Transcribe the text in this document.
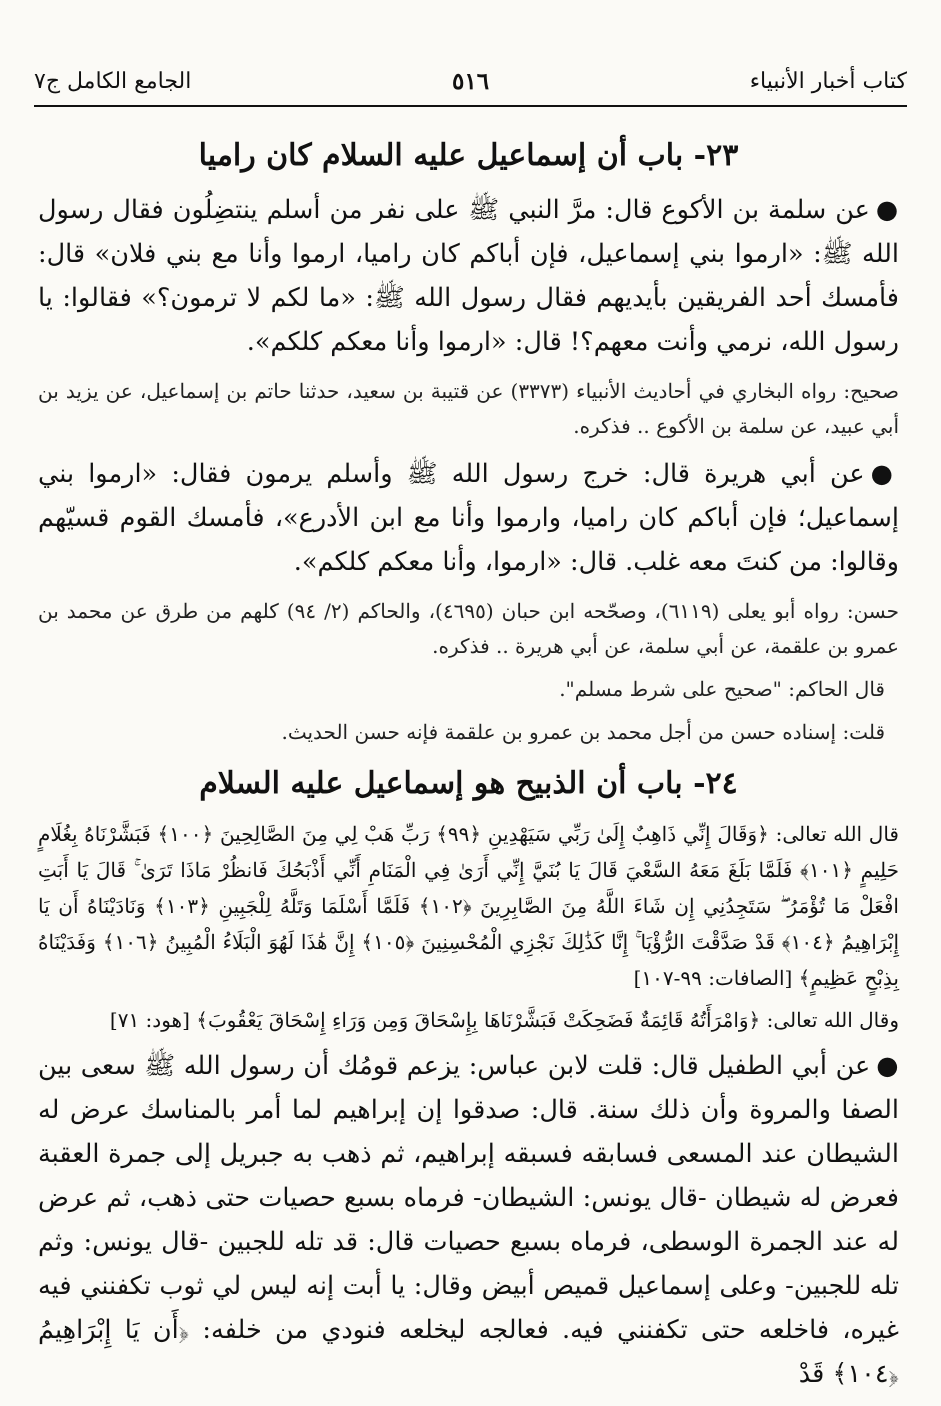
كتاب أخبار الأنبياء
٥١٦
الجامع الكامل ج٧
٢٣- باب أن إسماعيل عليه السلام كان راميا

●عن سلمة بن الأكوع قال: مرَّ النبي ﷺ على نفر من أسلم ينتضِلُون فقال رسول الله ﷺ: «ارموا بني إسماعيل، فإن أباكم كان راميا، ارموا وأنا مع بني فلان» قال: فأمسك أحد الفريقين بأيديهم فقال رسول الله ﷺ: «ما لكم لا ترمون؟» فقالوا: يا رسول الله، نرمي وأنت معهم؟! قال: «ارموا وأنا معكم كلكم».

صحيح: رواه البخاري في أحاديث الأنبياء (٣٣٧٣) عن قتيبة بن سعيد، حدثنا حاتم بن إسماعيل، عن يزيد بن أبي عبيد، عن سلمة بن الأكوع .. فذكره.

●عن أبي هريرة قال: خرج رسول الله ﷺ وأسلم يرمون فقال: «ارموا بني إسماعيل؛ فإن أباكم كان راميا، وارموا وأنا مع ابن الأدرع»، فأمسك القوم قسيّهم وقالوا: من كنتَ معه غلب. قال: «ارموا، وأنا معكم كلكم».

حسن: رواه أبو يعلى (٦١١٩)، وصحّحه ابن حبان (٤٦٩٥)، والحاكم (٢/ ٩٤) كلهم من طرق عن محمد بن عمرو بن علقمة، عن أبي سلمة، عن أبي هريرة .. فذكره.

قال الحاكم: "صحيح على شرط مسلم".

قلت: إسناده حسن من أجل محمد بن عمرو بن علقمة فإنه حسن الحديث.

٢٤- باب أن الذبيح هو إسماعيل عليه السلام

قال الله تعالى: ﴿وَقَالَ إِنِّي ذَاهِبٌ إِلَىٰ رَبِّي سَيَهْدِينِ ﴿٩٩﴾ رَبِّ هَبْ لِي مِنَ الصَّالِحِينَ ﴿١٠٠﴾ فَبَشَّرْنَاهُ بِغُلَامٍ حَلِيمٍ ﴿١٠١﴾ فَلَمَّا بَلَغَ مَعَهُ السَّعْيَ قَالَ يَا بُنَيَّ إِنِّي أَرَىٰ فِي الْمَنَامِ أَنِّي أَذْبَحُكَ فَانظُرْ مَاذَا تَرَىٰ ۚ قَالَ يَا أَبَتِ افْعَلْ مَا تُؤْمَرُ ۖ سَتَجِدُنِي إِن شَاءَ اللَّهُ مِنَ الصَّابِرِينَ ﴿١٠٢﴾ فَلَمَّا أَسْلَمَا وَتَلَّهُ لِلْجَبِينِ ﴿١٠٣﴾ وَنَادَيْنَاهُ أَن يَا إِبْرَاهِيمُ ﴿١٠٤﴾ قَدْ صَدَّقْتَ الرُّؤْيَا ۚ إِنَّا كَذَٰلِكَ نَجْزِي الْمُحْسِنِينَ ﴿١٠٥﴾ إِنَّ هَٰذَا لَهُوَ الْبَلَاءُ الْمُبِينُ ﴿١٠٦﴾ وَفَدَيْنَاهُ بِذِبْحٍ عَظِيمٍ﴾ [الصافات: ٩٩-١٠٧]

وقال الله تعالى: ﴿وَامْرَأَتُهُ قَائِمَةٌ فَضَحِكَتْ فَبَشَّرْنَاهَا بِإِسْحَاقَ وَمِن وَرَاءِ إِسْحَاقَ يَعْقُوبَ﴾ [هود: ٧١]

●عن أبي الطفيل قال: قلت لابن عباس: يزعم قومُك أن رسول الله ﷺ سعى بين الصفا والمروة وأن ذلك سنة. قال: صدقوا إن إبراهيم لما أمر بالمناسك عرض له الشيطان عند المسعى فسابقه فسبقه إبراهيم، ثم ذهب به جبريل إلى جمرة العقبة فعرض له شيطان -قال يونس: الشيطان- فرماه بسبع حصيات حتى ذهب، ثم عرض له عند الجمرة الوسطى، فرماه بسبع حصيات قال: قد تله للجبين -قال يونس: وثم تله للجبين- وعلى إسماعيل قميص أبيض وقال: يا أبت إنه ليس لي ثوب تكفنني فيه غيره، فاخلعه حتى تكفنني فيه. فعالجه ليخلعه فنودي من خلفه: ﴿أَن يَا إِبْرَاهِيمُ ﴿١٠٤﴾ قَدْ
